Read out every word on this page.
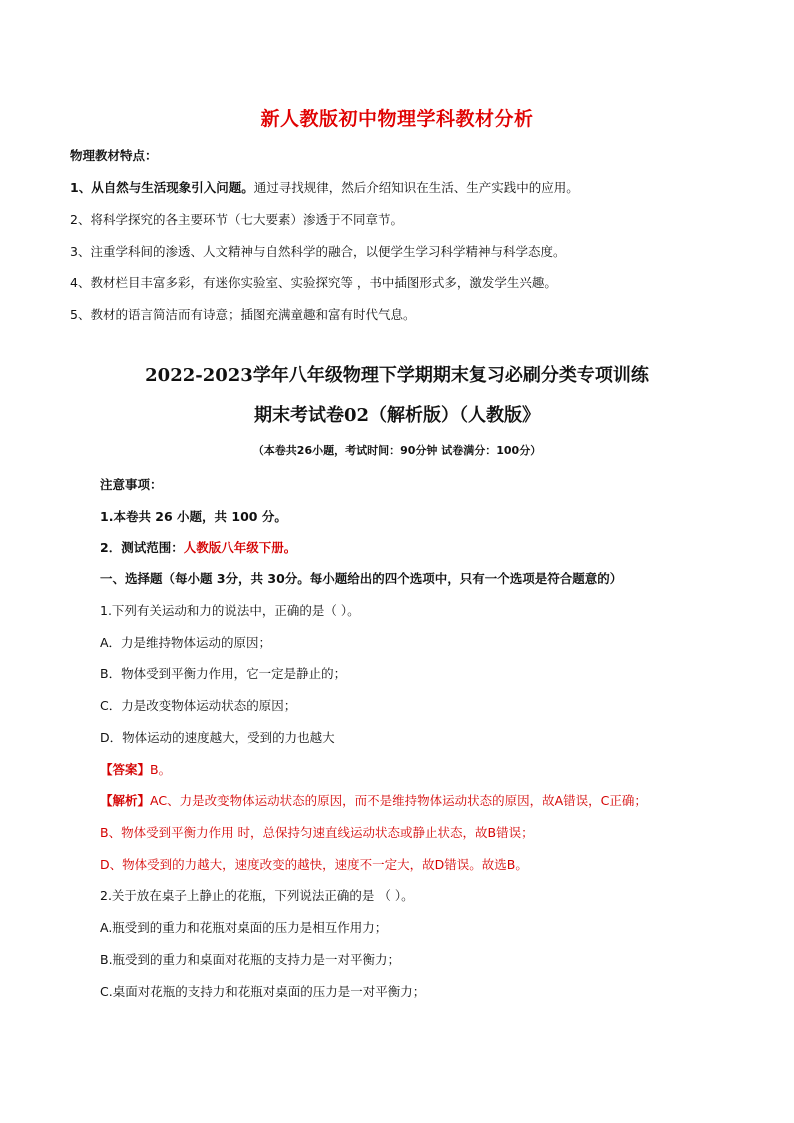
新人教版初中物理学科教材分析
物理教材特点：
1、从自然与生活现象引入问题。通过寻找规律，然后介绍知识在生活、生产实践中的应用。
2、将科学探究的各主要环节（七大要素）渗透于不同章节。
3、注重学科间的渗透、人文精神与自然科学的融合，以便学生学习科学精神与科学态度。
4、教材栏目丰富多彩，有迷你实验室、实验探究等 ，书中插图形式多，激发学生兴趣。
5、教材的语言简洁而有诗意；插图充满童趣和富有时代气息。
2022-2023学年八年级物理下学期期末复习必刷分类专项训练
期末考试卷02（解析版）（人教版》
（本卷共26小题，考试时间：90分钟 试卷满分：100分）
注意事项：
1.本卷共 26 小题，共 100 分。
2．测试范围：人教版八年级下册。
一、选择题（每小题 3分，共 30分。每小题给出的四个选项中，只有一个选项是符合题意的）
1.下列有关运动和力的说法中，正确的是（ ）。
A．力是维持物体运动的原因；
B．物体受到平衡力作用，它一定是静止的；
C．力是改变物体运动状态的原因；
D．物体运动的速度越大，受到的力也越大
【答案】B。
【解析】AC、力是改变物体运动状态的原因，而不是维持物体运动状态的原因，故A错误，C正确；
B、物体受到平衡力作用 时，总保持匀速直线运动状态或静止状态，故B错误；
D、物体受到的力越大，速度改变的越快，速度不一定大，故D错误。故选B。
2.关于放在桌子上静止的花瓶，下列说法正确的是 （ ）。
A.瓶受到的重力和花瓶对桌面的压力是相互作用力；
B.瓶受到的重力和桌面对花瓶的支持力是一对平衡力；
C.桌面对花瓶的支持力和花瓶对桌面的压力是一对平衡力；
